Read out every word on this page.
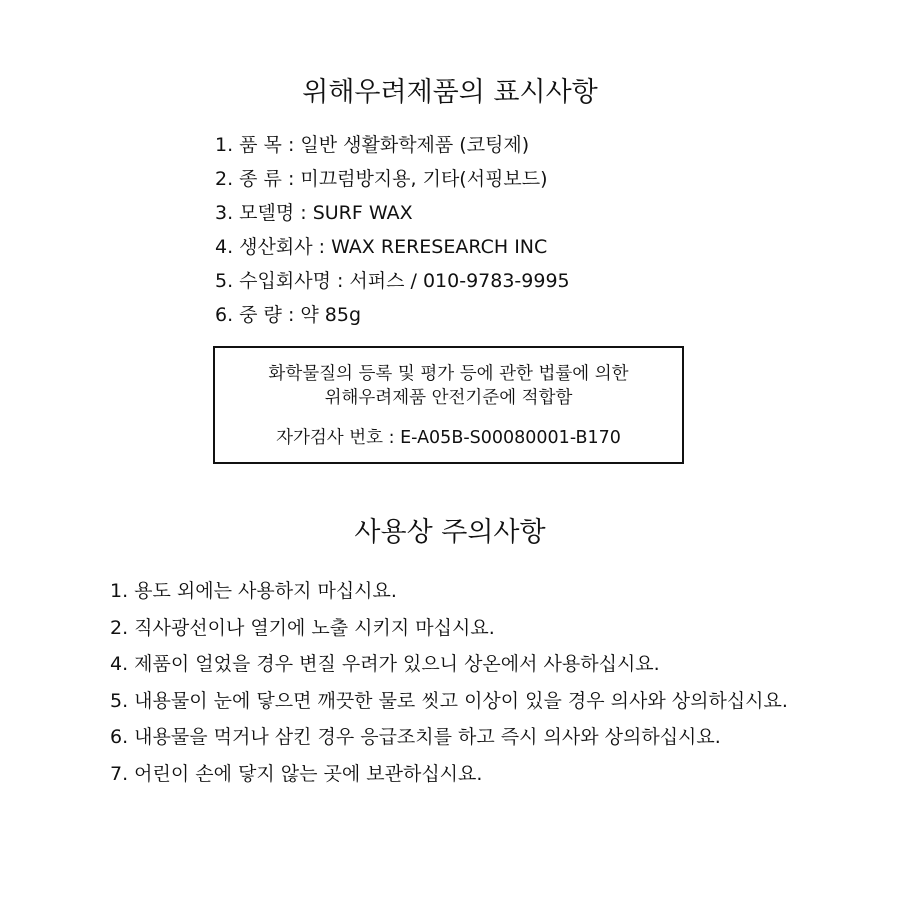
위해우려제품의 표시사항
1. 품 목 : 일반 생활화학제품 (코팅제)
2. 종 류 : 미끄럼방지용, 기타(서핑보드)
3. 모델명 : SURF WAX
4. 생산회사 : WAX RERESEARCH INC
5. 수입회사명 : 서퍼스 / 010-9783-9995
6. 중 량 : 약 85g
화학물질의 등록 및 평가 등에 관한 법률에 의한
위해우려제품 안전기준에 적합함
자가검사 번호 : E-A05B-S00080001-B170
사용상 주의사항
1. 용도 외에는 사용하지 마십시요.
2. 직사광선이나 열기에 노출 시키지 마십시요.
4. 제품이 얼었을 경우 변질 우려가 있으니 상온에서 사용하십시요.
5. 내용물이 눈에 닿으면 깨끗한 물로 씻고 이상이 있을 경우 의사와 상의하십시요.
6. 내용물을 먹거나 삼킨 경우 응급조치를 하고 즉시 의사와 상의하십시요.
7. 어린이 손에 닿지 않는 곳에 보관하십시요.
